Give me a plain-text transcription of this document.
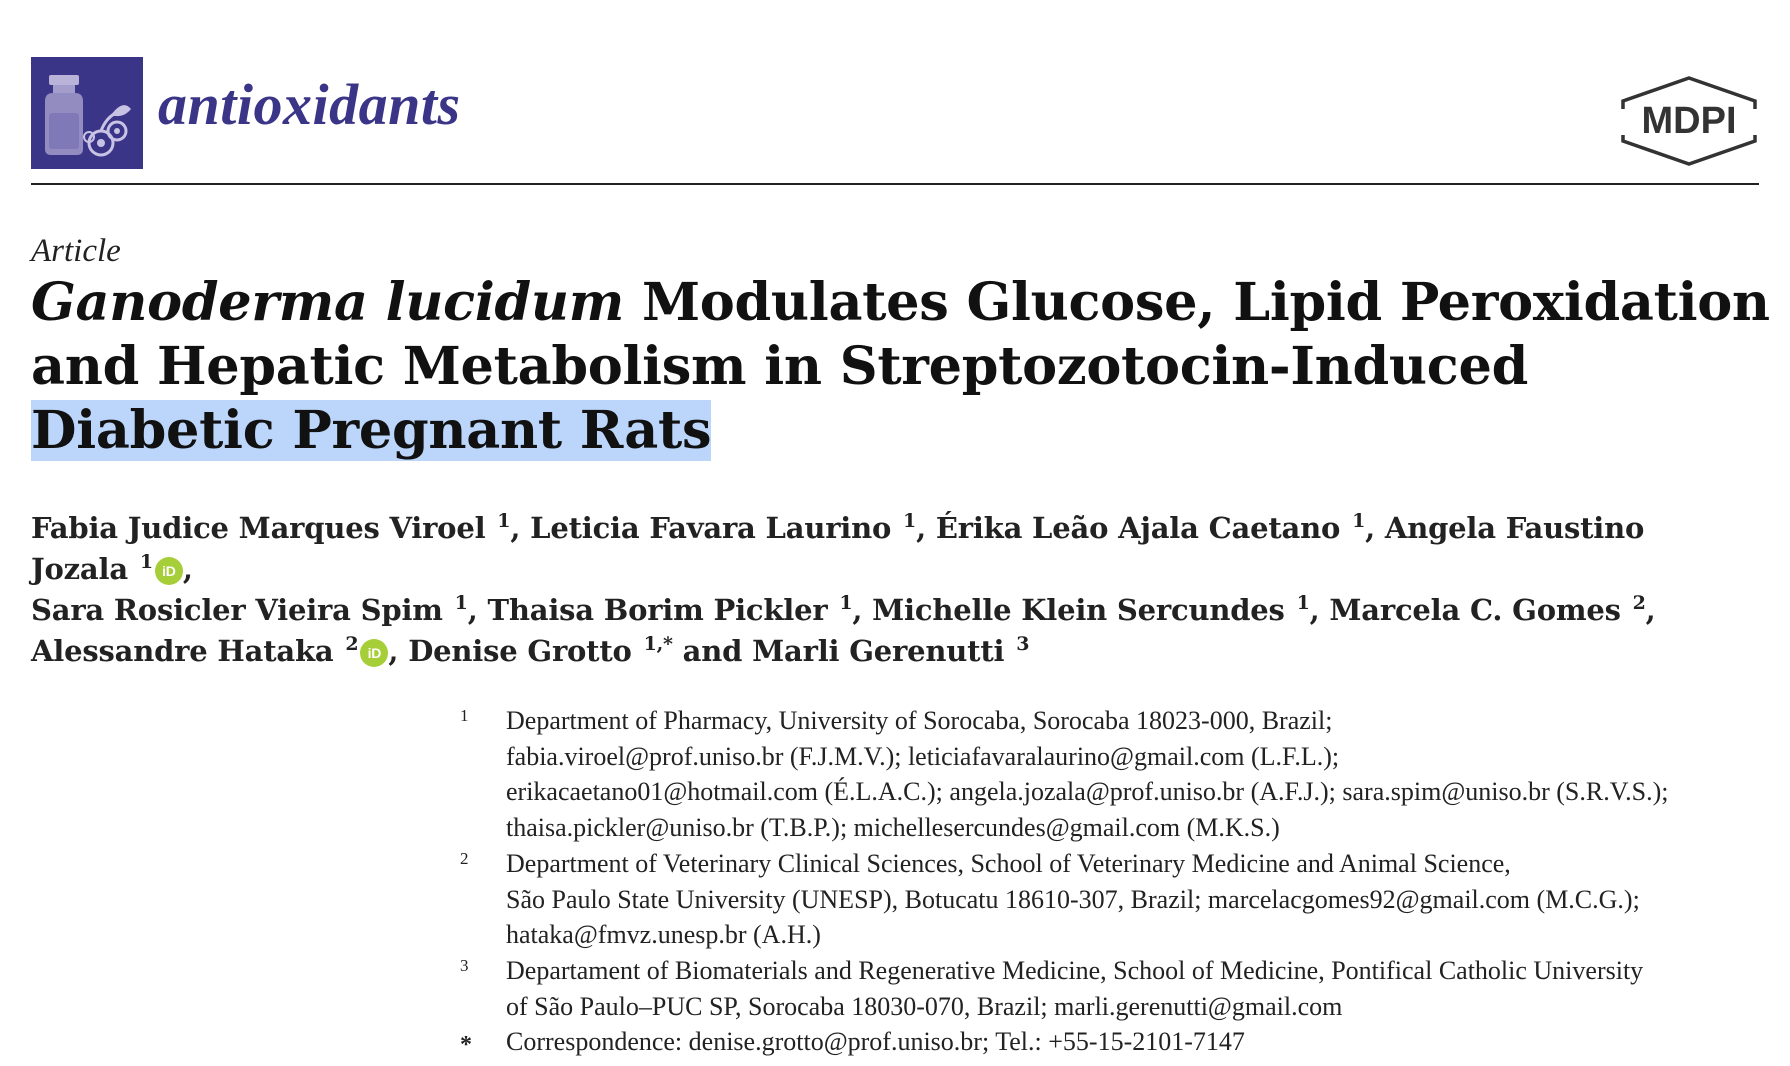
antioxidants	MDPI
Article
Ganoderma lucidum Modulates Glucose, Lipid Peroxidation and Hepatic Metabolism in Streptozotocin-Induced Diabetic Pregnant Rats
Fabia Judice Marques Viroel $^1$, Leticia Favara Laurino $^1$, Érika Leão Ajala Caetano $^1$, Angela Faustino Jozala $^1$ iD ,
Sara Rosicler Vieira Spim $^1$, Thaisa Borim Pickler $^1$, Michelle Klein Sercundes $^1$, Marcela C. Gomes $^2$,
Alessandre Hataka $^2$ iD , Denise Grotto $^{1,*}$ and Marli Gerenutti $^3$
1	Department of Pharmacy, University of Sorocaba, Sorocaba 18023-000, Brazil;
fabia.viroel@prof.uniso.br (F.J.M.V.); leticiafavaralaurino@gmail.com (L.F.L.);
erikacaetano01@hotmail.com (É.L.A.C.); angela.jozala@prof.uniso.br (A.F.J.); sara.spim@uniso.br (S.R.V.S.);
thaisa.pickler@uniso.br (T.B.P.); michellesercundes@gmail.com (M.K.S.)
2	Department of Veterinary Clinical Sciences, School of Veterinary Medicine and Animal Science,
São Paulo State University (UNESP), Botucatu 18610-307, Brazil; marcelacgomes92@gmail.com (M.C.G.);
hataka@fmvz.unesp.br (A.H.)
3	Departament of Biomaterials and Regenerative Medicine, School of Medicine, Pontifical Catholic University
of São Paulo–PUC SP, Sorocaba 18030-070, Brazil; marli.gerenutti@gmail.com
*	Correspondence: denise.grotto@prof.uniso.br; Tel.: +55-15-2101-7147
